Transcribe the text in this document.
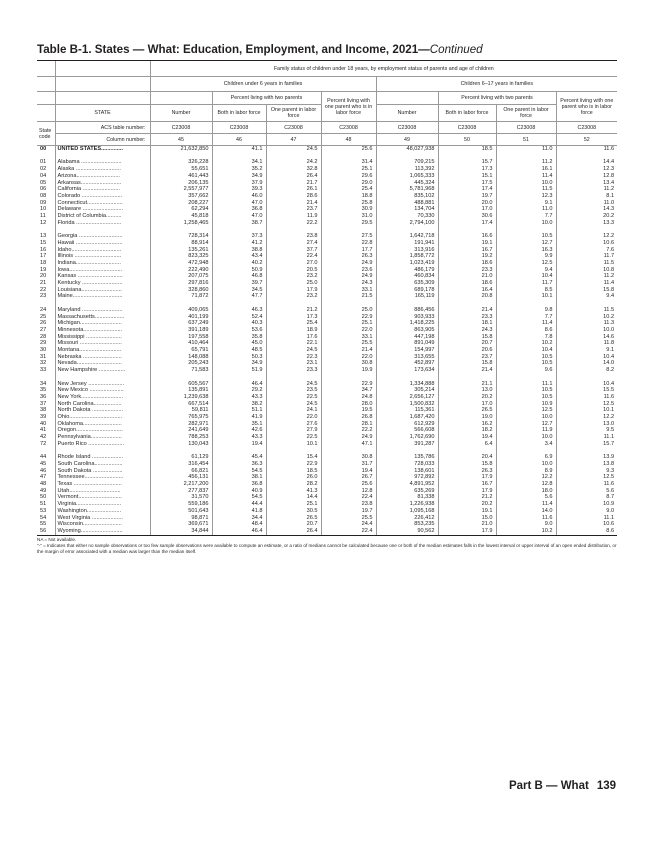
Table B-1. States — What: Education, Employment, and Income, 2021—Continued
		Family status of children under 18 years, by employment status of parents and age of children							
		Children under 6 years in families				Children 6–17 years in families			
			Percent living with two parents		Percent living with one parent who is in labor force		Percent living with two parents		Percent living with one parent who is in labor force
	STATE	Number	Both in labor force	One parent in labor force		Number	Both in labor force	One parent in labor force	
State code	ACS table number:	C23008	C23008	C23008	C23008	C23008	C23008	C23008	C23008
	Column number:	45	46	47	48	49	50	51	52
00	UNITED STATES..............	21,632,850	41.1	24.5	25.6	48,027,938	18.5	11.0	11.6

01	Alabama ..........................	326,228	34.1	24.2	31.4	709,215	15.7	11.2	14.4
02	Alaska .............................	55,651	35.2	32.8	25.1	113,392	17.3	16.1	12.3
04	Arizona............................	461,443	34.9	26.4	29.6	1,065,333	15.1	11.4	12.8
05	Arkansas..........................	206,135	37.9	21.7	29.0	445,324	17.5	10.0	13.4
06	California ........................	2,557,977	39.3	26.1	25.4	5,781,968	17.4	11.5	11.2
08	Colorado ..........................	357,662	46.0	28.6	18.8	835,102	19.7	12.3	8.1
09	Connecticut.......................	208,227	47.0	21.4	25.8	488,881	20.0	9.1	11.0
10	Delaware ..........................	62,294	36.8	23.7	30.9	134,704	17.0	11.0	14.3
11	District of Columbia..........	45,818	47.0	11.9	31.0	70,330	30.6	7.7	20.2
12	Florida .............................	1,258,465	38.7	22.2	29.5	2,794,100	17.4	10.0	13.3

13	Georgia ............................	728,314	37.3	23.8	27.5	1,642,718	16.6	10.5	12.2
15	Hawaii ..............................	88,914	41.2	27.4	22.8	191,941	19.1	12.7	10.6
16	Idaho................................	135,261	38.8	37.7	17.7	313,916	16.7	16.3	7.6
17	Illinois ..............................	823,325	43.4	22.4	26.3	1,858,772	19.2	9.9	11.7
18	Indiana.............................	472,948	40.2	27.0	24.9	1,023,419	18.6	12.5	11.5
19	Iowa..................................	222,490	50.9	20.5	23.6	486,179	23.3	9.4	10.8
20	Kansas .............................	207,075	46.8	23.2	24.9	460,834	21.0	10.4	11.2
21	Kentucky ..........................	297,816	39.7	25.0	24.3	635,309	18.6	11.7	11.4
22	Louisiana..........................	328,860	34.5	17.9	33.1	689,178	16.4	8.5	15.8
23	Maine................................	71,872	47.7	23.2	21.5	165,119	20.8	10.1	9.4

24	Maryland ..........................	409,065	46.3	21.2	25.0	886,456	21.4	9.8	11.5
25	Massachusetts...................	401,199	52.4	17.3	22.9	903,933	23.3	7.7	10.2
26	Michigan...........................	637,249	40.3	25.4	25.1	1,418,225	18.1	11.4	11.3
27	Minnesota.........................	391,189	53.6	18.9	22.0	863,905	24.3	8.6	10.0
28	Mississippi .......................	197,558	35.8	17.6	33.1	447,198	15.8	7.8	14.6
29	Missouri ...........................	410,464	45.0	22.1	25.5	891,049	20.7	10.2	11.8
30	Montana...........................	65,791	48.5	24.5	21.4	154,997	20.6	10.4	9.1
31	Nebraska .........................	148,088	50.3	22.3	22.0	313,655	23.7	10.5	10.4
32	Nevada.............................	205,243	34.9	23.1	30.8	452,897	15.8	10.5	14.0
33	New Hampshire .................	71,583	51.9	23.3	19.9	173,634	21.4	9.6	8.2

34	New Jersey .......................	605,567	46.4	24.5	22.9	1,334,888	21.1	11.1	10.4
35	New Mexico ......................	135,891	29.2	23.5	34.7	305,214	13.0	10.5	15.5
36	New York...........................	1,239,638	43.3	22.5	24.8	2,656,127	20.2	10.5	11.6
37	North Carolina..................	667,514	38.2	24.5	28.0	1,500,832	17.0	10.9	12.5
38	North Dakota ....................	59,811	51.1	24.1	19.5	115,361	26.5	12.5	10.1
39	Ohio..................................	765,975	41.9	22.0	26.8	1,687,420	19.0	10.0	12.2
40	Oklahoma.........................	282,971	35.1	27.6	28.1	612,929	16.2	12.7	13.0
41	Oregon..............................	241,649	42.6	27.9	22.2	566,608	18.2	11.9	9.5
42	Pennsylvania....................	788,253	43.3	22.5	24.9	1,762,690	19.4	10.0	11.1
72	Puerto Rico .......................	130,043	19.4	10.1	47.1	391,287	6.4	3.4	15.7

44	Rhode Island ....................	61,129	45.4	15.4	30.8	135,786	20.4	6.9	13.9
45	South Carolina..................	316,454	36.3	22.9	31.7	728,033	15.8	10.0	13.8
46	South Dakota ...................	66,821	54.5	18.5	19.4	138,601	26.3	8.9	9.3
47	Tennessee.........................	456,131	38.1	26.0	26.7	972,892	17.9	12.2	12.5
48	Texas ...............................	2,217,200	36.8	28.2	25.6	4,891,952	16.7	12.8	11.6
49	Utah.................................	277,837	40.9	41.3	12.8	635,269	17.9	18.0	5.6
50	Vermont............................	31,570	54.5	14.4	22.4	81,338	21.2	5.6	8.7
51	Virginia.............................	559,186	44.4	25.1	23.8	1,226,938	20.2	11.4	10.9
53	Washington......................	501,643	41.8	30.5	19.7	1,095,168	19.1	14.0	9.0
54	West Virginia ....................	98,871	34.4	26.5	25.5	226,412	15.0	11.6	11.1
55	Wisconsin.........................	369,671	48.4	20.7	24.4	853,235	21.0	9.0	10.6
56	Wyoming...........................	34,844	46.4	26.4	22.4	90,562	17.9	10.2	8.6
NA = Not available.
"-" = Indicates that either no sample observations or too few sample observations were available to compute an estimate, or a ratio of medians cannot be calculated because one or both of the median estimates falls in the lowest interval or upper interval of an open ended distribution, or the margin of error associated with a median was larger than the median itself.
Part B — What 139
